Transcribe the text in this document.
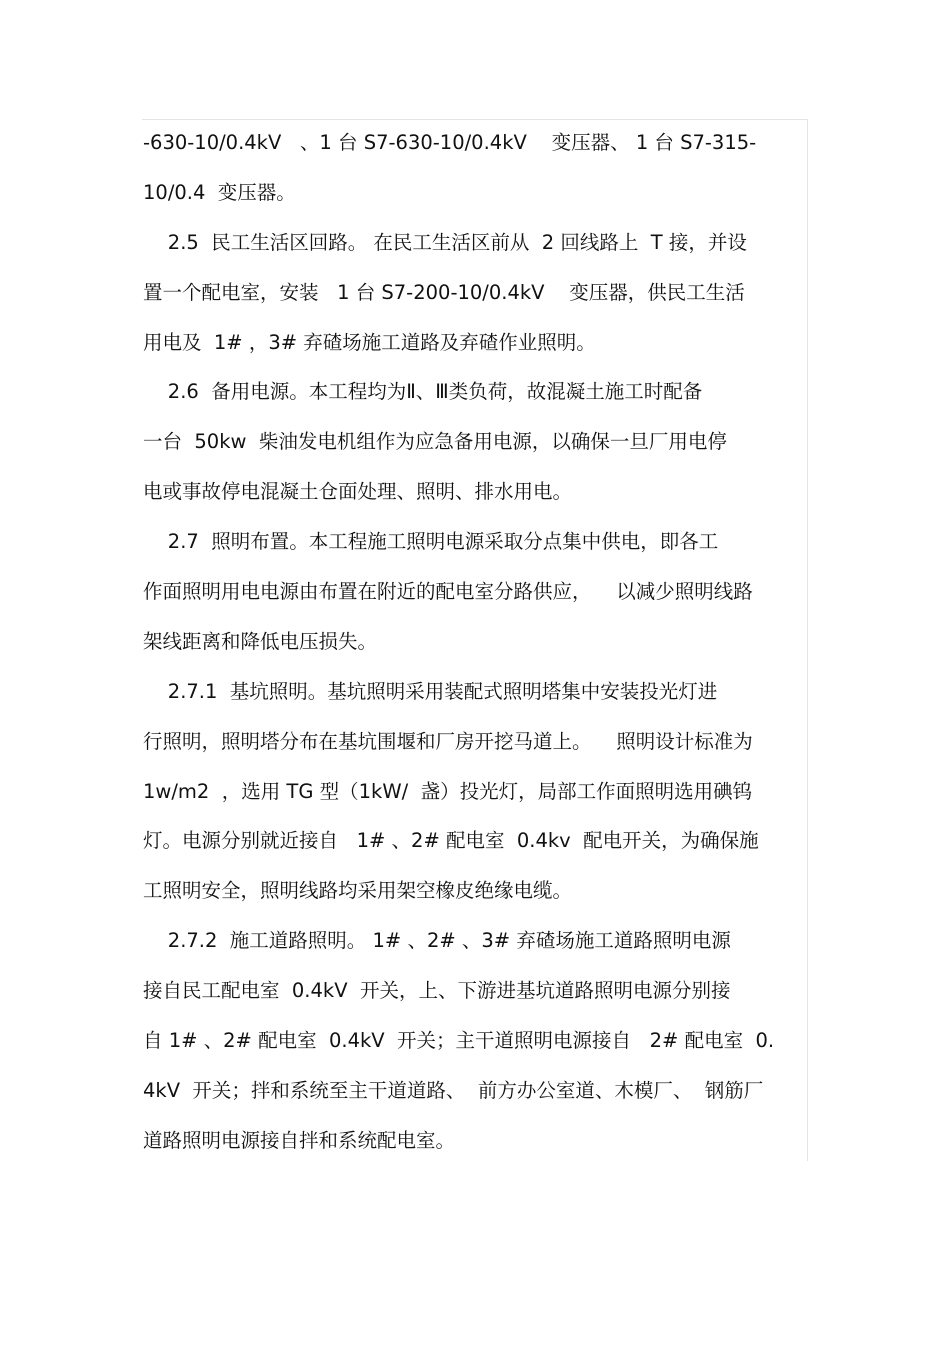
-630-10/0.4kV   、1 台 S7-630-10/0.4kV    变压器、 1 台 S7-315-
10/0.4  变压器。
2.5  民工生活区回路。 在民工生活区前从  2 回线路上  T 接，并设
置一个配电室，安装   1 台 S7-200-10/0.4kV    变压器，供民工生活
用电及  1# ，3# 弃碴场施工道路及弃碴作业照明。
2.6  备用电源。本工程均为Ⅱ、Ⅲ类负荷，故混凝土施工时配备
一台  50kw  柴油发电机组作为应急备用电源，以确保一旦厂用电停
电或事故停电混凝土仓面处理、照明、排水用电。
2.7  照明布置。本工程施工照明电源采取分点集中供电，即各工
作面照明用电电源由布置在附近的配电室分路供应，    以减少照明线路
架线距离和降低电压损失。
2.7.1  基坑照明。基坑照明采用装配式照明塔集中安装投光灯进
行照明，照明塔分布在基坑围堰和厂房开挖马道上。    照明设计标准为
1w/m2  ，选用 TG 型（1kW/  盏）投光灯，局部工作面照明选用碘钨
灯。电源分别就近接自   1# 、2# 配电室  0.4kv  配电开关，为确保施
工照明安全，照明线路均采用架空橡皮绝缘电缆。
2.7.2  施工道路照明。 1# 、2# 、3# 弃碴场施工道路照明电源
接自民工配电室  0.4kV  开关，上、下游进基坑道路照明电源分别接
自 1# 、2# 配电室  0.4kV  开关；主干道照明电源接自   2# 配电室  0.
4kV  开关；拌和系统至主干道道路、  前方办公室道、木模厂、  钢筋厂
道路照明电源接自拌和系统配电室。
